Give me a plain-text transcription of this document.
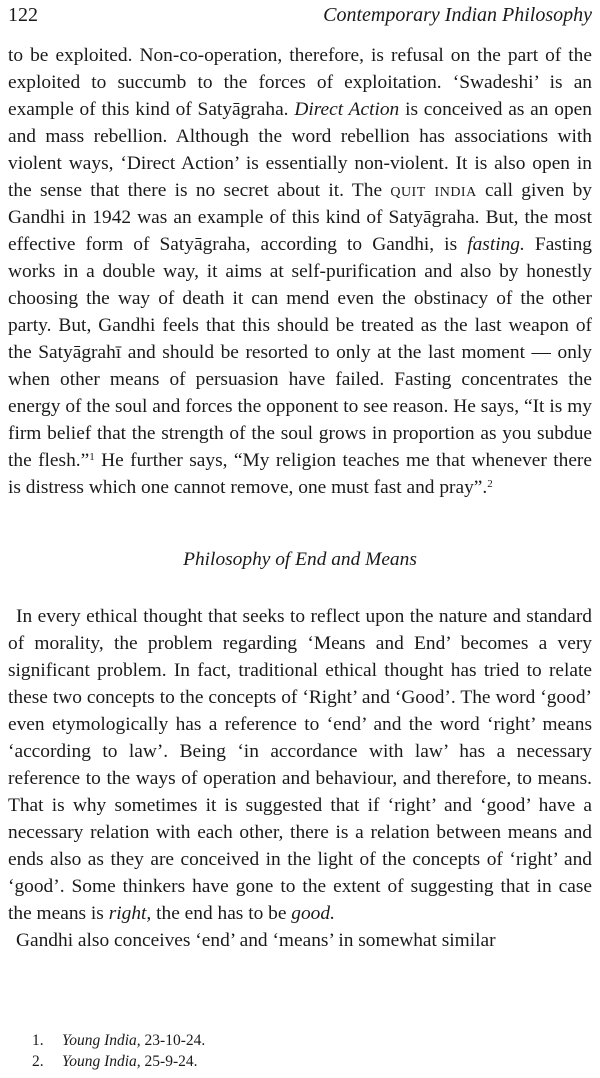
122	Contemporary Indian Philosophy

to be exploited. Non-co-operation, therefore, is refusal on the part of the exploited to succumb to the forces of exploitation. ‘Swadeshi’ is an example of this kind of Satyāgraha. Direct Action is conceived as an open and mass rebellion. Although the word rebellion has associations with violent ways, ‘Direct Action’ is essentially non-violent. It is also open in the sense that there is no secret about it. The quit india call given by Gandhi in 1942 was an example of this kind of Satyāgraha. But, the most effective form of Satyāgraha, according to Gandhi, is fasting. Fasting works in a double way, it aims at self-purification and also by honestly choosing the way of death it can mend even the obstinacy of the other party. But, Gandhi feels that this should be treated as the last weapon of the Satyāgrahī and should be resorted to only at the last moment — only when other means of persuasion have failed. Fasting concentrates the energy of the soul and forces the opponent to see reason. He says, “It is my firm belief that the strength of the soul grows in proportion as you subdue the flesh.”$^1$ He further says, “My religion teaches me that whenever there is distress which one cannot remove, one must fast and pray”.$^2$

Philosophy of End and Means

In every ethical thought that seeks to reflect upon the nature and standard of morality, the problem regarding ‘Means and End’ becomes a very significant problem. In fact, traditional ethical thought has tried to relate these two concepts to the concepts of ‘Right’ and ‘Good’. The word ‘good’ even etymologically has a reference to ‘end’ and the word ‘right’ means ‘according to law’. Being ‘in accordance with law’ has a necessary reference to the ways of operation and behaviour, and therefore, to means. That is why sometimes it is suggested that if ‘right’ and ‘good’ have a necessary relation with each other, there is a relation between means and ends also as they are conceived in the light of the concepts of ‘right’ and ‘good’. Some thinkers have gone to the extent of suggesting that in case the means is right, the end has to be good.

Gandhi also conceives ‘end’ and ‘means’ in somewhat similar

1. Young India, 23-10-24.
2. Young India, 25-9-24.
